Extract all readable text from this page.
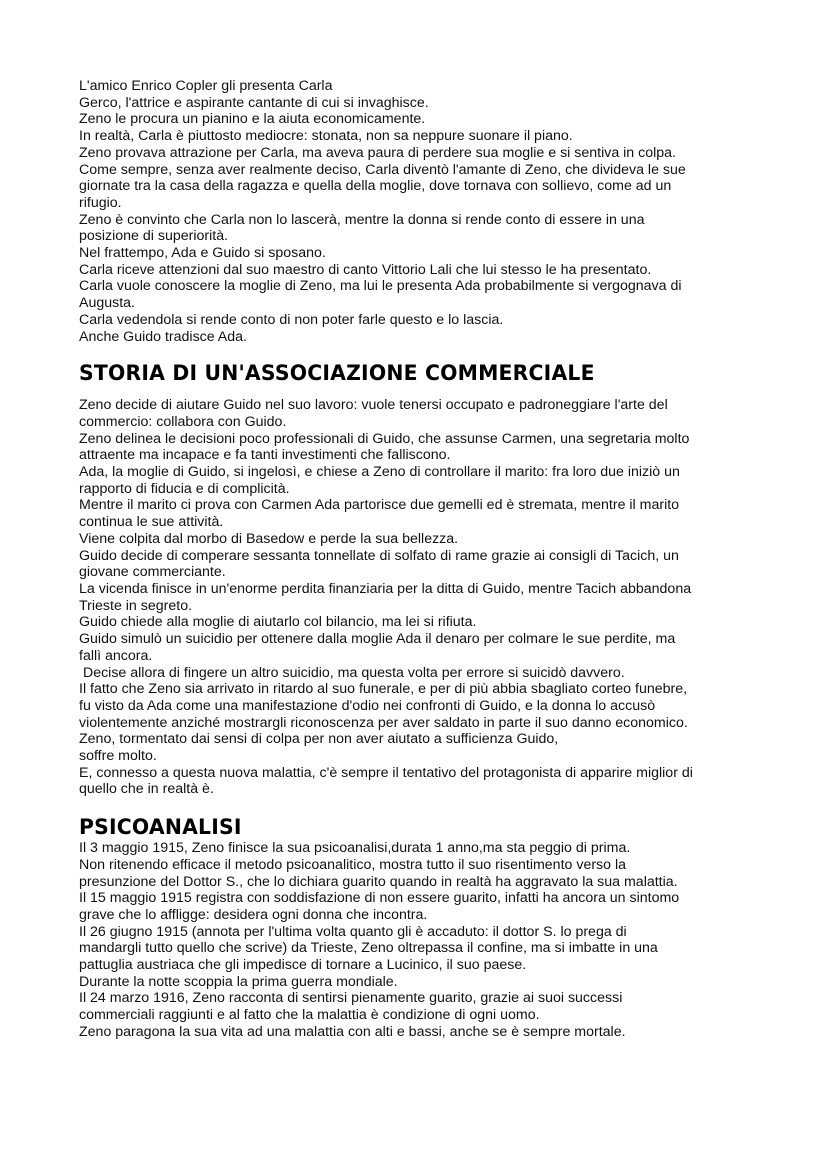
L'amico Enrico Copler gli presenta Carla

Gerco, l'attrice e aspirante cantante di cui si invaghisce.

Zeno le procura un pianino e la aiuta economicamente.

In realtà, Carla è piuttosto mediocre: stonata, non sa neppure suonare il piano.

Zeno provava attrazione per Carla, ma aveva paura di perdere sua moglie e si sentiva in colpa.

Come sempre, senza aver realmente deciso, Carla diventò l'amante di Zeno, che divideva le sue

giornate tra la casa della ragazza e quella della moglie, dove tornava con sollievo, come ad un

rifugio.

Zeno è convinto che Carla non lo lascerà, mentre la donna si rende conto di essere in una

posizione di superiorità.

Nel frattempo, Ada e Guido si sposano.

Carla riceve attenzioni dal suo maestro di canto Vittorio Lali che lui stesso le ha presentato.

Carla vuole conoscere la moglie di Zeno, ma lui le presenta Ada probabilmente si vergognava di

Augusta.

Carla vedendola si rende conto di non poter farle questo e lo lascia.

Anche Guido tradisce Ada.

STORIA DI UN'ASSOCIAZIONE COMMERCIALE

Zeno decide di aiutare Guido nel suo lavoro: vuole tenersi occupato e padroneggiare l'arte del

commercio: collabora con Guido.

Zeno delinea le decisioni poco professionali di Guido, che assunse Carmen, una segretaria molto

attraente ma incapace e fa tanti investimenti che falliscono.

Ada, la moglie di Guido, si ingelosì, e chiese a Zeno di controllare il marito: fra loro due iniziò un

rapporto di fiducia e di complicità.

Mentre il marito ci prova con Carmen Ada partorisce due gemelli ed è stremata, mentre il marito

continua le sue attività.

Viene colpita dal morbo di Basedow e perde la sua bellezza.

Guido decide di comperare sessanta tonnellate di solfato di rame grazie ai consigli di Tacich, un

giovane commerciante.

La vicenda finisce in un'enorme perdita finanziaria per la ditta di Guido, mentre Tacich abbandona

Trieste in segreto.

Guido chiede alla moglie di aiutarlo col bilancio, ma lei si rifiuta.

Guido simulò un suicidio per ottenere dalla moglie Ada il denaro per colmare le sue perdite, ma

fallì ancora.

Decise allora di fingere un altro suicidio, ma questa volta per errore si suicidò davvero.

Il fatto che Zeno sia arrivato in ritardo al suo funerale, e per di più abbia sbagliato corteo funebre,

fu visto da Ada come una manifestazione d'odio nei confronti di Guido, e la donna lo accusò

violentemente anziché mostrargli riconoscenza per aver saldato in parte il suo danno economico.

Zeno, tormentato dai sensi di colpa per non aver aiutato a sufficienza Guido,

soffre molto.

E, connesso a questa nuova malattia, c'è sempre il tentativo del protagonista di apparire miglior di

quello che in realtà è.

PSICOANALISI

Il 3 maggio 1915, Zeno finisce la sua psicoanalisi,durata 1 anno,ma sta peggio di prima.

Non ritenendo efficace il metodo psicoanalitico, mostra tutto il suo risentimento verso la

presunzione del Dottor S., che lo dichiara guarito quando in realtà ha aggravato la sua malattia.

Il 15 maggio 1915 registra con soddisfazione di non essere guarito, infatti ha ancora un sintomo

grave che lo affligge: desidera ogni donna che incontra.

Il 26 giugno 1915 (annota per l'ultima volta quanto gli è accaduto: il dottor S. lo prega di

mandargli tutto quello che scrive) da Trieste, Zeno oltrepassa il confine, ma si imbatte in una

pattuglia austriaca che gli impedisce di tornare a Lucinico, il suo paese.

Durante la notte scoppia la prima guerra mondiale.

Il 24 marzo 1916, Zeno racconta di sentirsi pienamente guarito, grazie ai suoi successi

commerciali raggiunti e al fatto che la malattia è condizione di ogni uomo.

Zeno paragona la sua vita ad una malattia con alti e bassi, anche se è sempre mortale.
